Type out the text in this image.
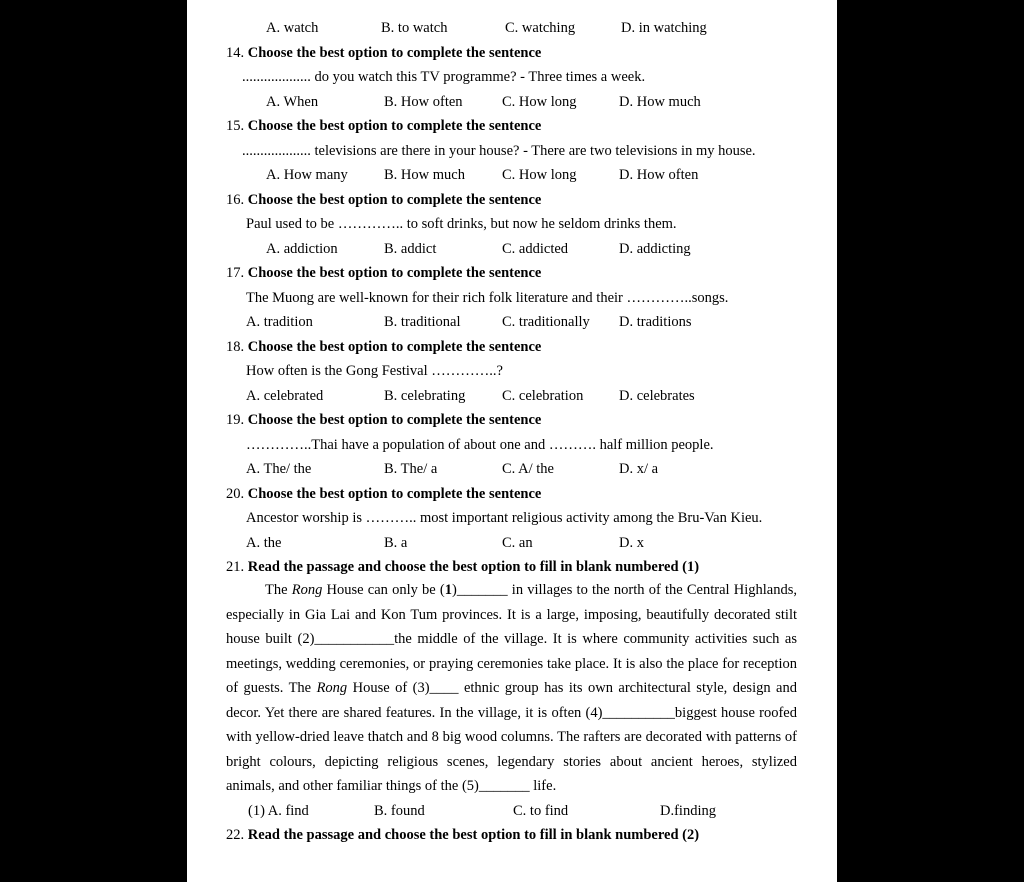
A. watch	B. to watch	C. watching	D. in watching
14. Choose the best option to complete the sentence
................... do you watch this TV programme? - Three times a week.
A. When	B. How often	C. How long	D. How much
15. Choose the best option to complete the sentence
................... televisions are there in your house? - There are two televisions in my house.
A. How many B. How much	C. How long	D. How often
16. Choose the best option to complete the sentence
Paul used to be ………….. to soft drinks, but now he seldom drinks them.
A. addiction	B. addict	C. addicted	D. addicting
17. Choose the best option to complete the sentence
The Muong are well-known for their rich folk literature and their …………..songs.
A. tradition	B. traditional	C. traditionally D. traditions
18. Choose the best option to complete the sentence
How often is the Gong Festival …………..?
A. celebrated	B. celebrating	C. celebration D. celebrates
19. Choose the best option to complete the sentence
…………..Thai have a population of about one and ………. half million people.
A. The/ the	B. The/ a	C. A/ the	D. x/ a
20. Choose the best option to complete the sentence
Ancestor worship is ……….. most important religious activity among the Bru-Van Kieu.
A. the	B. a	C. an	D. x
21. Read the passage and choose the best option to fill in blank numbered (1)

The Rong House can only be (1)_______ in villages to the north of the Central Highlands, especially in Gia Lai and Kon Tum provinces. It is a large, imposing, beautifully decorated stilt house built (2)___________the middle of the village. It is where community activities such as meetings, wedding ceremonies, or praying ceremonies take place. It is also the place for reception of guests. The Rong House of (3)____ ethnic group has its own architectural style, design and decor. Yet there are shared features. In the village, it is often (4)__________biggest house roofed with yellow-dried leave thatch and 8 big wood columns. The rafters are decorated with patterns of bright colours, depicting religious scenes, legendary stories about ancient heroes, stylized animals, and other familiar things of the (5)_______ life.

(1) A. find	B. found	C. to find	D.finding
22. Read the passage and choose the best option to fill in blank numbered (2)
